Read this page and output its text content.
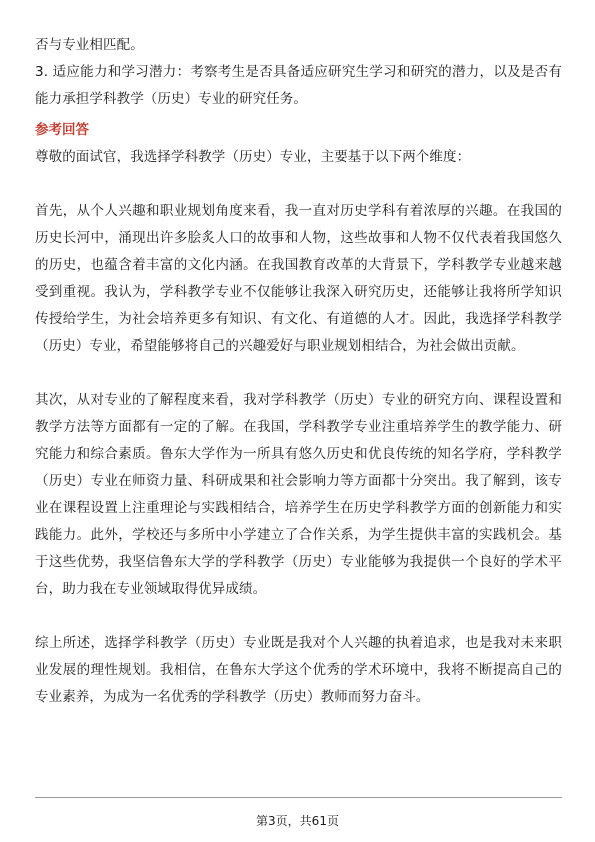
否与专业相匹配。

3. 适应能力和学习潜力：考察考生是否具备适应研究生学习和研究的潜力，以及是否有能力承担学科教学（历史）专业的研究任务。

参考回答

尊敬的面试官，我选择学科教学（历史）专业，主要基于以下两个维度：

首先，从个人兴趣和职业规划角度来看，我一直对历史学科有着浓厚的兴趣。在我国的历史长河中，涌现出许多脍炙人口的故事和人物，这些故事和人物不仅代表着我国悠久的历史，也蕴含着丰富的文化内涵。在我国教育改革的大背景下，学科教学专业越来越受到重视。我认为，学科教学专业不仅能够让我深入研究历史，还能够让我将所学知识传授给学生，为社会培养更多有知识、有文化、有道德的人才。因此，我选择学科教学（历史）专业，希望能够将自己的兴趣爱好与职业规划相结合，为社会做出贡献。

其次，从对专业的了解程度来看，我对学科教学（历史）专业的研究方向、课程设置和教学方法等方面都有一定的了解。在我国，学科教学专业注重培养学生的教学能力、研究能力和综合素质。鲁东大学作为一所具有悠久历史和优良传统的知名学府，学科教学（历史）专业在师资力量、科研成果和社会影响力等方面都十分突出。我了解到，该专业在课程设置上注重理论与实践相结合，培养学生在历史学科教学方面的创新能力和实践能力。此外，学校还与多所中小学建立了合作关系，为学生提供丰富的实践机会。基于这些优势，我坚信鲁东大学的学科教学（历史）专业能够为我提供一个良好的学术平台，助力我在专业领域取得优异成绩。

综上所述，选择学科教学（历史）专业既是我对个人兴趣的执着追求，也是我对未来职业发展的理性规划。我相信，在鲁东大学这个优秀的学术环境中，我将不断提高自己的专业素养，为成为一名优秀的学科教学（历史）教师而努力奋斗。

第3页，共61页
